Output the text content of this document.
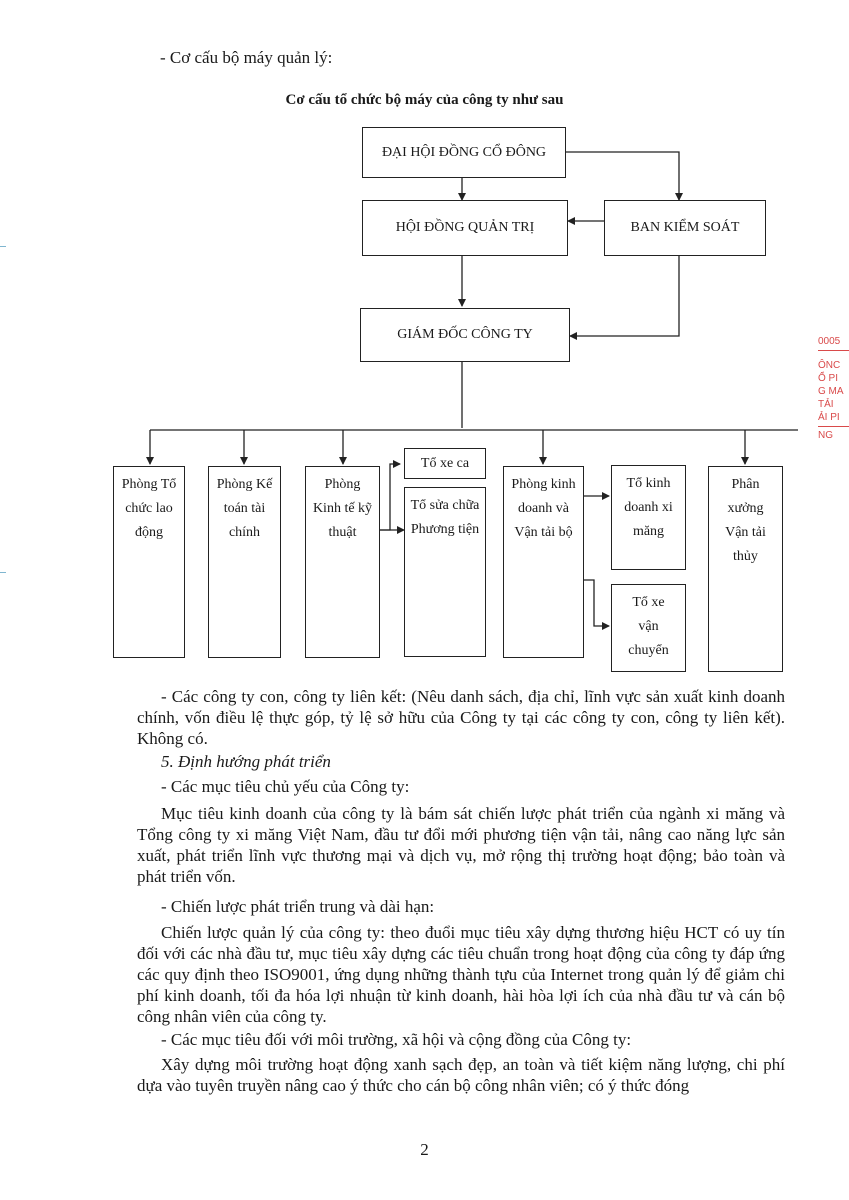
- Cơ cấu bộ máy quản lý:
Cơ cấu tổ chức bộ máy của công ty như sau
ĐẠI HỘI ĐỒNG CỔ ĐÔNG
HỘI ĐỒNG QUẢN TRỊ	BAN KIỂM SOÁT
GIÁM ĐỐC CÔNG TY
Phòng Tổ chức lao động
Phòng Kế toán tài chính
Phòng Kinh tế kỹ thuật
Tổ xe ca
Tổ sửa chữa Phương tiện
Phòng kinh doanh và Vận tải bộ
Tổ kinh doanh xi măng
Tổ xe vận chuyển
Phân xưởng Vận tải thủy
- Các công ty con, công ty liên kết: (Nêu danh sách, địa chỉ, lĩnh vực sản xuất kinh doanh chính, vốn điều lệ thực góp, tỷ lệ sở hữu của Công ty tại các công ty con, công ty liên kết). Không có.
5. Định hướng phát triển
- Các mục tiêu chủ yếu của Công ty:
Mục tiêu kinh doanh của công ty là bám sát chiến lược phát triển của ngành xi măng và Tổng công ty xi măng Việt Nam, đầu tư đổi mới phương tiện vận tải, nâng cao năng lực sản xuất, phát triển lĩnh vực thương mại và dịch vụ, mở rộng thị trường hoạt động; bảo toàn và phát triển vốn.
- Chiến lược phát triển trung và dài hạn:
Chiến lược quản lý của công ty: theo đuổi mục tiêu xây dựng thương hiệu HCT có uy tín đối với các nhà đầu tư, mục tiêu xây dựng các tiêu chuẩn trong hoạt động của công ty đáp ứng các quy định theo ISO9001, ứng dụng những thành tựu của Internet trong quản lý để giảm chi phí kinh doanh, tối đa hóa lợi nhuận từ kinh doanh, hài hòa lợi ích của nhà đầu tư và cán bộ công nhân viên của công ty.
- Các mục tiêu đối với môi trường, xã hội và cộng đồng của Công ty:
Xây dựng môi trường hoạt động xanh sạch đẹp, an toàn và tiết kiệm năng lượng, chi phí dựa vào tuyên truyền nâng cao ý thức cho cán bộ công nhân viên; có ý thức đóng
2
0005
ÔNC
Ổ PI
G MA
TẢI
ẢI PI
NG
